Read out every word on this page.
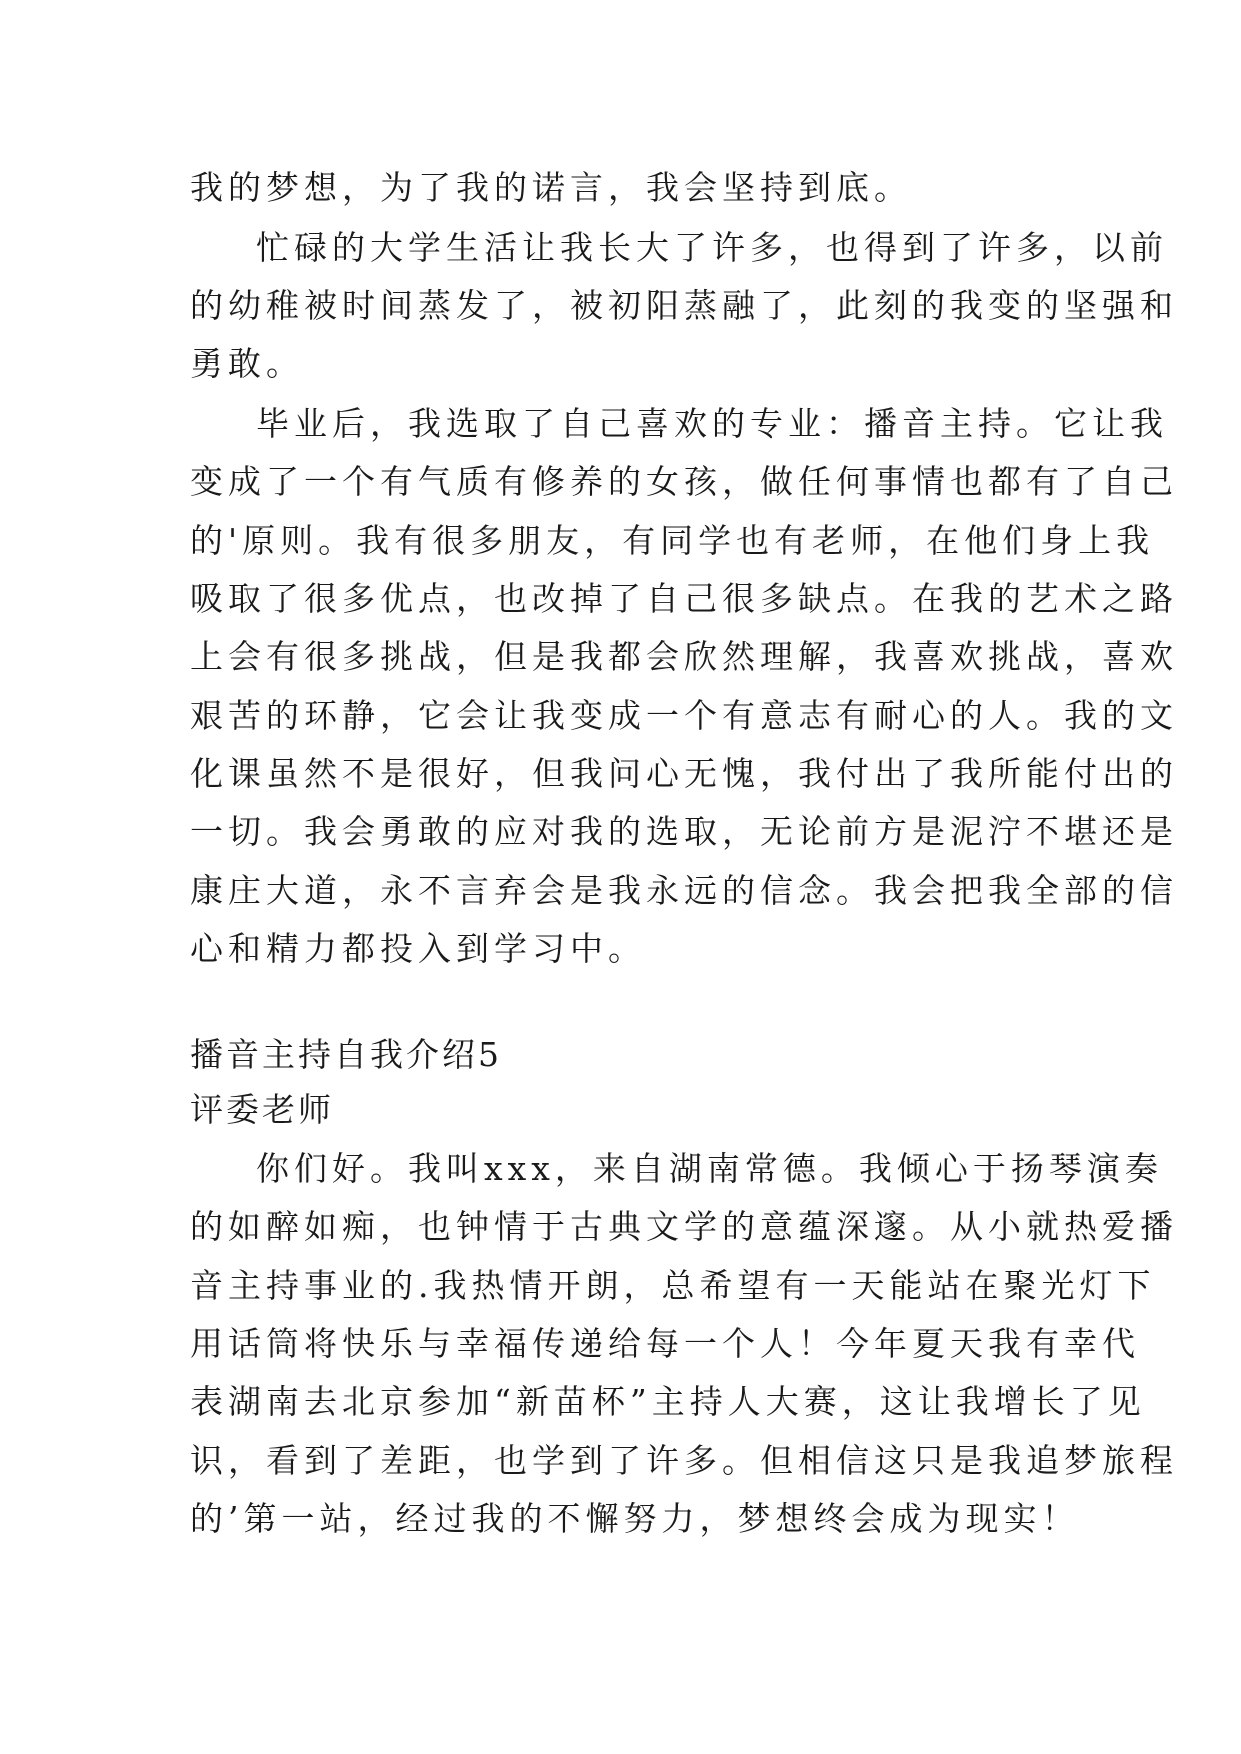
我的梦想，为了我的诺言，我会坚持到底。
忙碌的大学生活让我长大了许多，也得到了许多，以前
的幼稚被时间蒸发了，被初阳蒸融了，此刻的我变的坚强和
勇敢。
毕业后，我选取了自己喜欢的专业：播音主持。它让我
变成了一个有气质有修养的女孩，做任何事情也都有了自己
的'原则。我有很多朋友，有同学也有老师，在他们身上我
吸取了很多优点，也改掉了自己很多缺点。在我的艺术之路
上会有很多挑战，但是我都会欣然理解，我喜欢挑战，喜欢
艰苦的环静，它会让我变成一个有意志有耐心的人。我的文
化课虽然不是很好，但我问心无愧，我付出了我所能付出的
一切。我会勇敢的应对我的选取，无论前方是泥泞不堪还是
康庄大道，永不言弃会是我永远的信念。我会把我全部的信
心和精力都投入到学习中。
播音主持自我介绍5
评委老师
你们好。我叫xxx，来自湖南常德。我倾心于扬琴演奏
的如醉如痴，也钟情于古典文学的意蕴深邃。从小就热爱播
音主持事业的.我热情开朗，总希望有一天能站在聚光灯下
用话筒将快乐与幸福传递给每一个人！今年夏天我有幸代
表湖南去北京参加“新苗杯”主持人大赛，这让我增长了见
识，看到了差距，也学到了许多。但相信这只是我追梦旅程
的’第一站，经过我的不懈努力，梦想终会成为现实！
